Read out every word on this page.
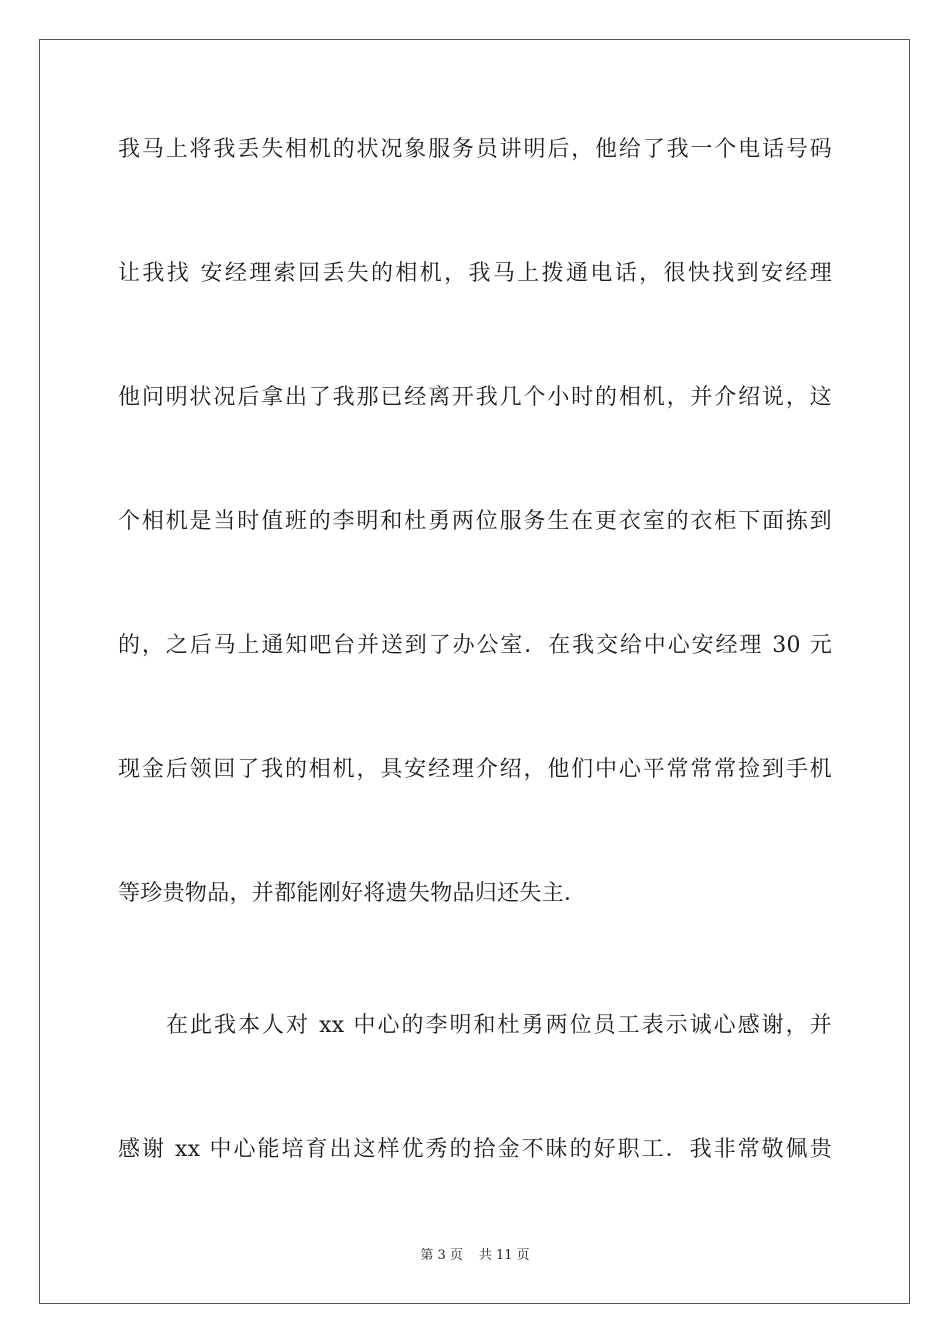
我马上将我丢失相机的状况象服务员讲明后，他给了我一个电话号码
让我找 安经理索回丢失的相机，我马上拨通电话，很快找到安经理
他问明状况后拿出了我那已经离开我几个小时的相机，并介绍说，这
个相机是当时值班的李明和杜勇两位服务生在更衣室的衣柜下面拣到
的，之后马上通知吧台并送到了办公室．在我交给中心安经理 30 元
现金后领回了我的相机，具安经理介绍，他们中心平常常常捡到手机
等珍贵物品，并都能刚好将遗失物品归还失主．
在此我本人对 xx 中心的李明和杜勇两位员工表示诚心感谢，并
感谢 xx 中心能培育出这样优秀的拾金不昧的好职工．我非常敬佩贵
第 3 页 共 11 页
